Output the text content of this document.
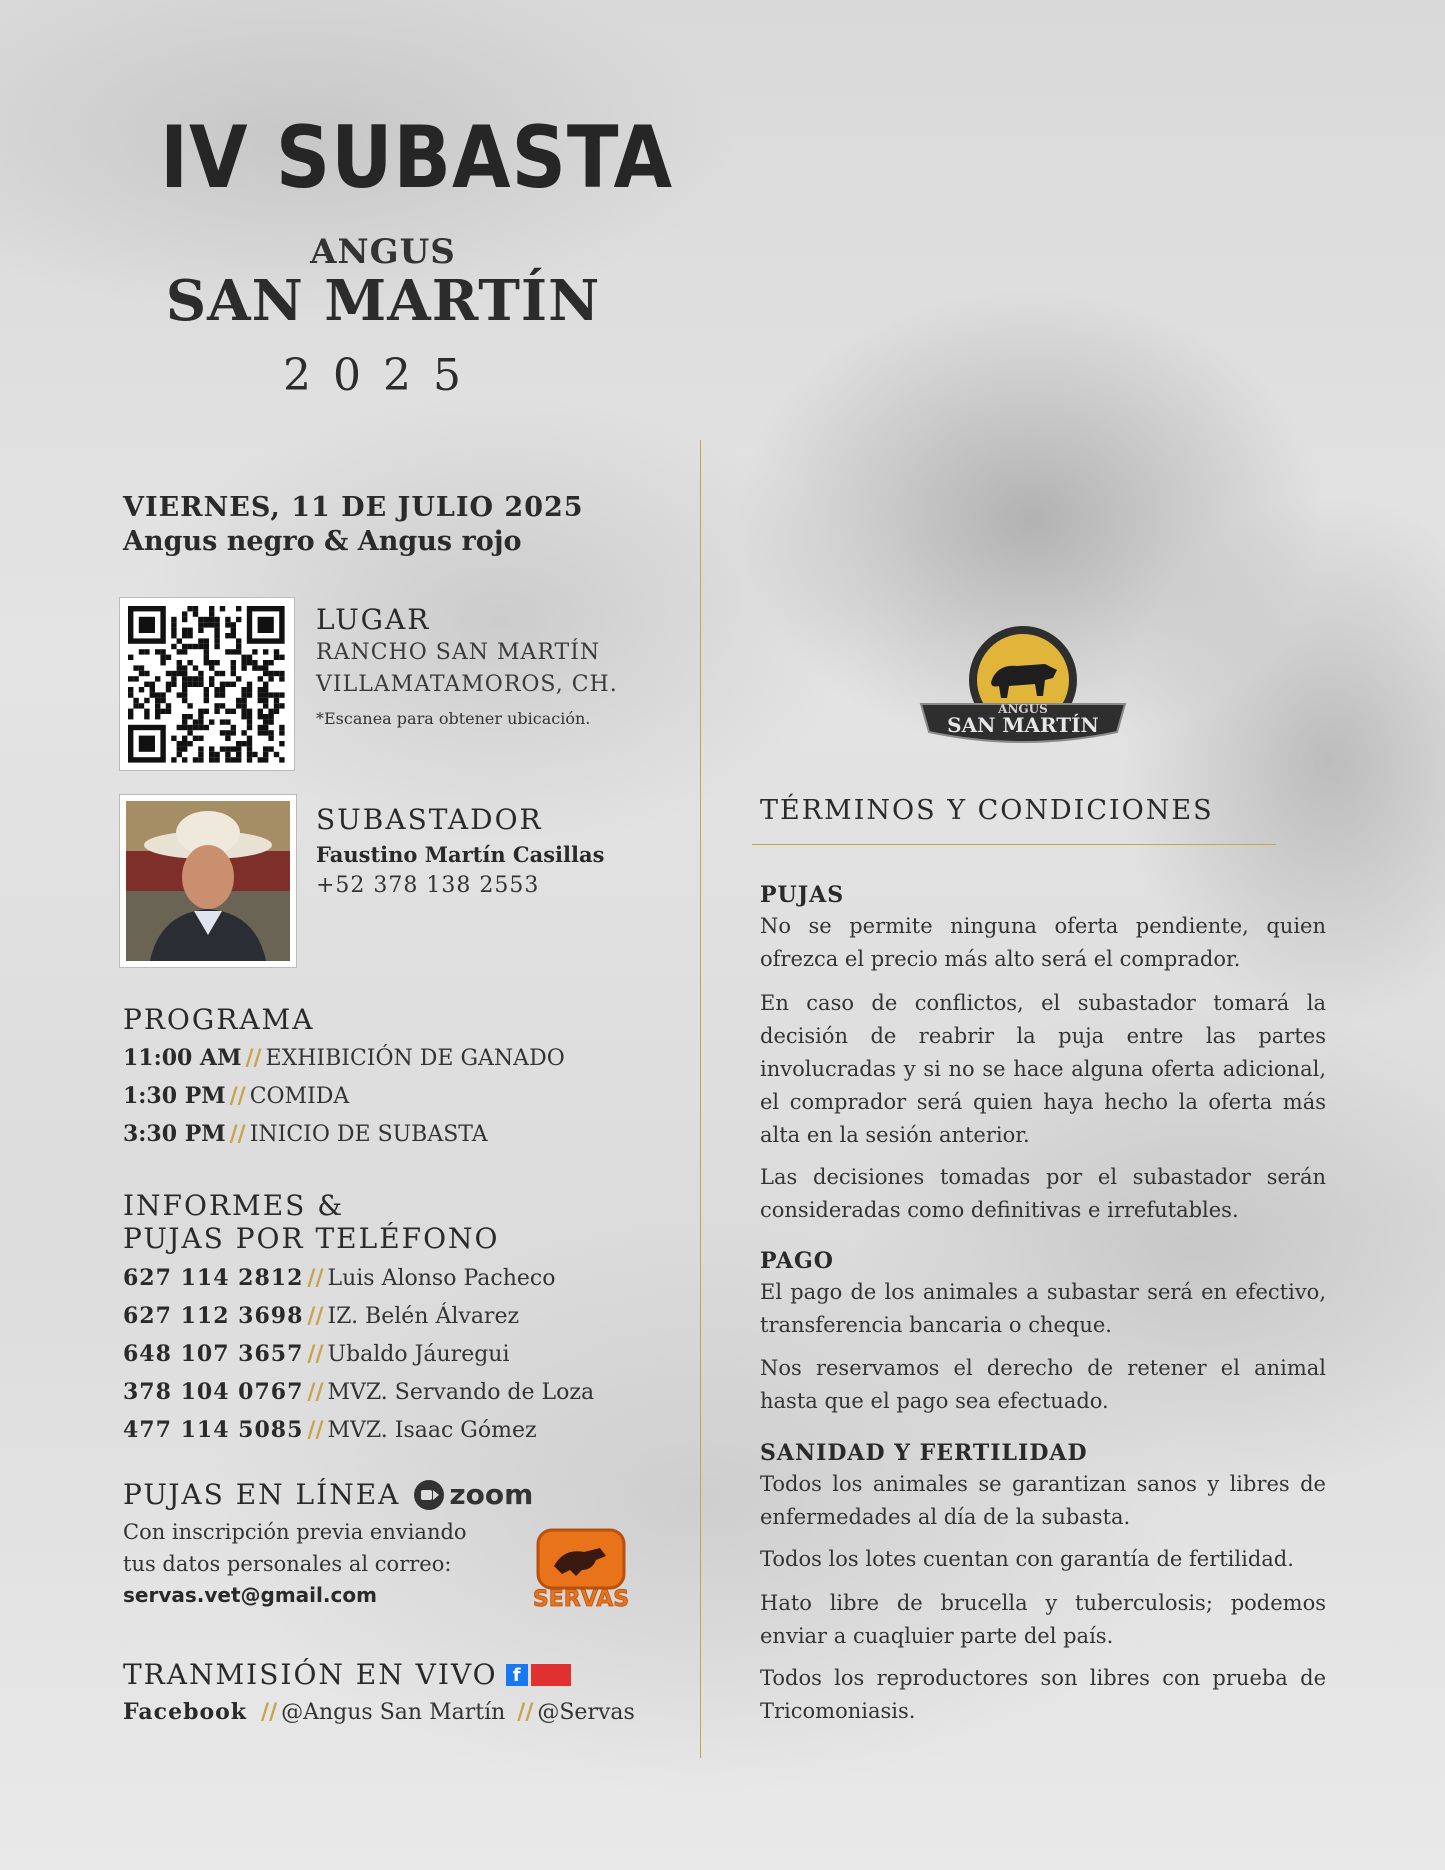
IV SUBASTA
ANGUS
SAN MARTÍN
2025
VIERNES, 11 DE JULIO 2025
Angus negro & Angus rojo
LUGAR
RANCHO SAN MARTÍN
VILLAMATAMOROS, CH.
*Escanea para obtener ubicación.
SUBASTADOR
Faustino Martín Casillas
+52 378 138 2553
PROGRAMA
11:00 AM // EXHIBICIÓN DE GANADO
1:30 PM // COMIDA
3:30 PM // INICIO DE SUBASTA
INFORMES &
PUJAS POR TELÉFONO
627 114 2812 // Luis Alonso Pacheco
627 112 3698 // IZ. Belén Álvarez
648 107 3657 // Ubaldo Jáuregui
378 104 0767 // MVZ. Servando de Loza
477 114 5085 // MVZ. Isaac Gómez
PUJAS EN LÍNEA zoom
Con inscripción previa enviando
tus datos personales al correo:
servas.vet@gmail.com	SERVAS
TRANMISIÓN EN VIVO f
Facebook // @Angus San Martín // @Servas
ANGUS
SAN MARTÍN
TÉRMINOS Y CONDICIONES
PUJAS
No se permite ninguna oferta pendiente, quien ofrezca el precio más alto será el comprador.
En caso de conflictos, el subastador tomará la decisión de reabrir la puja entre las partes involucradas y si no se hace alguna oferta adicional, el comprador será quien haya hecho la oferta más alta en la sesión anterior.
Las decisiones tomadas por el subastador serán consideradas como definitivas e irrefutables.
PAGO
El pago de los animales a subastar será en efectivo, transferencia bancaria o cheque.
Nos reservamos el derecho de retener el animal hasta que el pago sea efectuado.
SANIDAD Y FERTILIDAD
Todos los animales se garantizan sanos y libres de enfermedades al día de la subasta.
Todos los lotes cuentan con garantía de fertilidad.
Hato libre de brucella y tuberculosis; podemos enviar a cuaqluier parte del país.
Todos los reproductores son libres con prueba de Tricomoniasis.
